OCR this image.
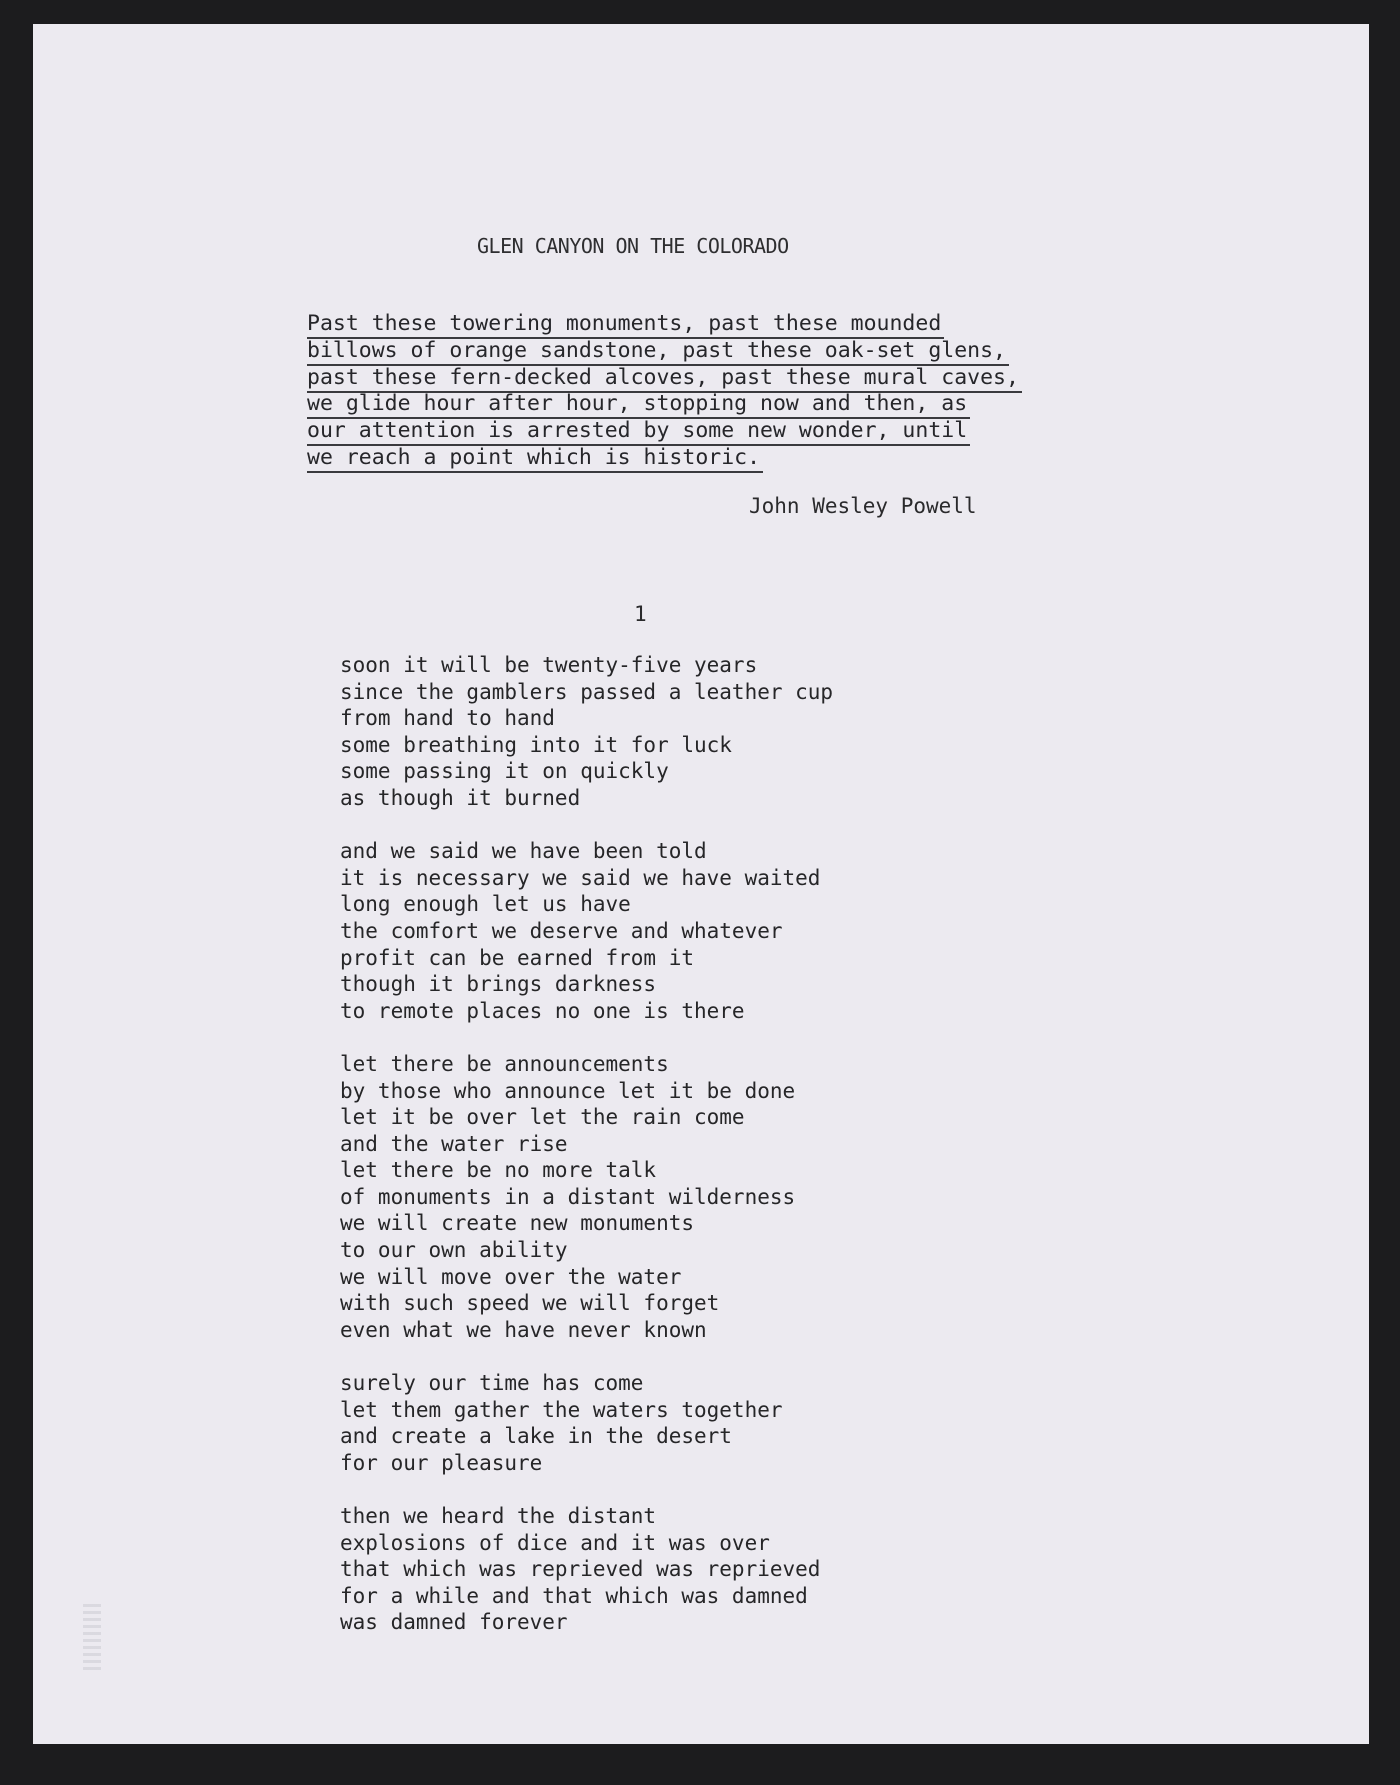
GLEN CANYON ON THE COLORADO
Past these towering monuments, past these mounded
billows of orange sandstone, past these oak-set glens,
past these fern-decked alcoves, past these mural caves,
we glide hour after hour, stopping now and then, as
our attention is arrested by some new wonder, until
we reach a point which is historic.
John Wesley Powell
1
soon it will be twenty-five years
since the gamblers passed a leather cup
from hand to hand
some breathing into it for luck
some passing it on quickly
as though it burned
and we said we have been told
it is necessary we said we have waited
long enough let us have
the comfort we deserve and whatever
profit can be earned from it
though it brings darkness
to remote places no one is there
let there be announcements
by those who announce let it be done
let it be over let the rain come
and the water rise
let there be no more talk
of monuments in a distant wilderness
we will create new monuments
to our own ability
we will move over the water
with such speed we will forget
even what we have never known
surely our time has come
let them gather the waters together
and create a lake in the desert
for our pleasure
then we heard the distant
explosions of dice and it was over
that which was reprieved was reprieved
for a while and that which was damned
was damned forever
